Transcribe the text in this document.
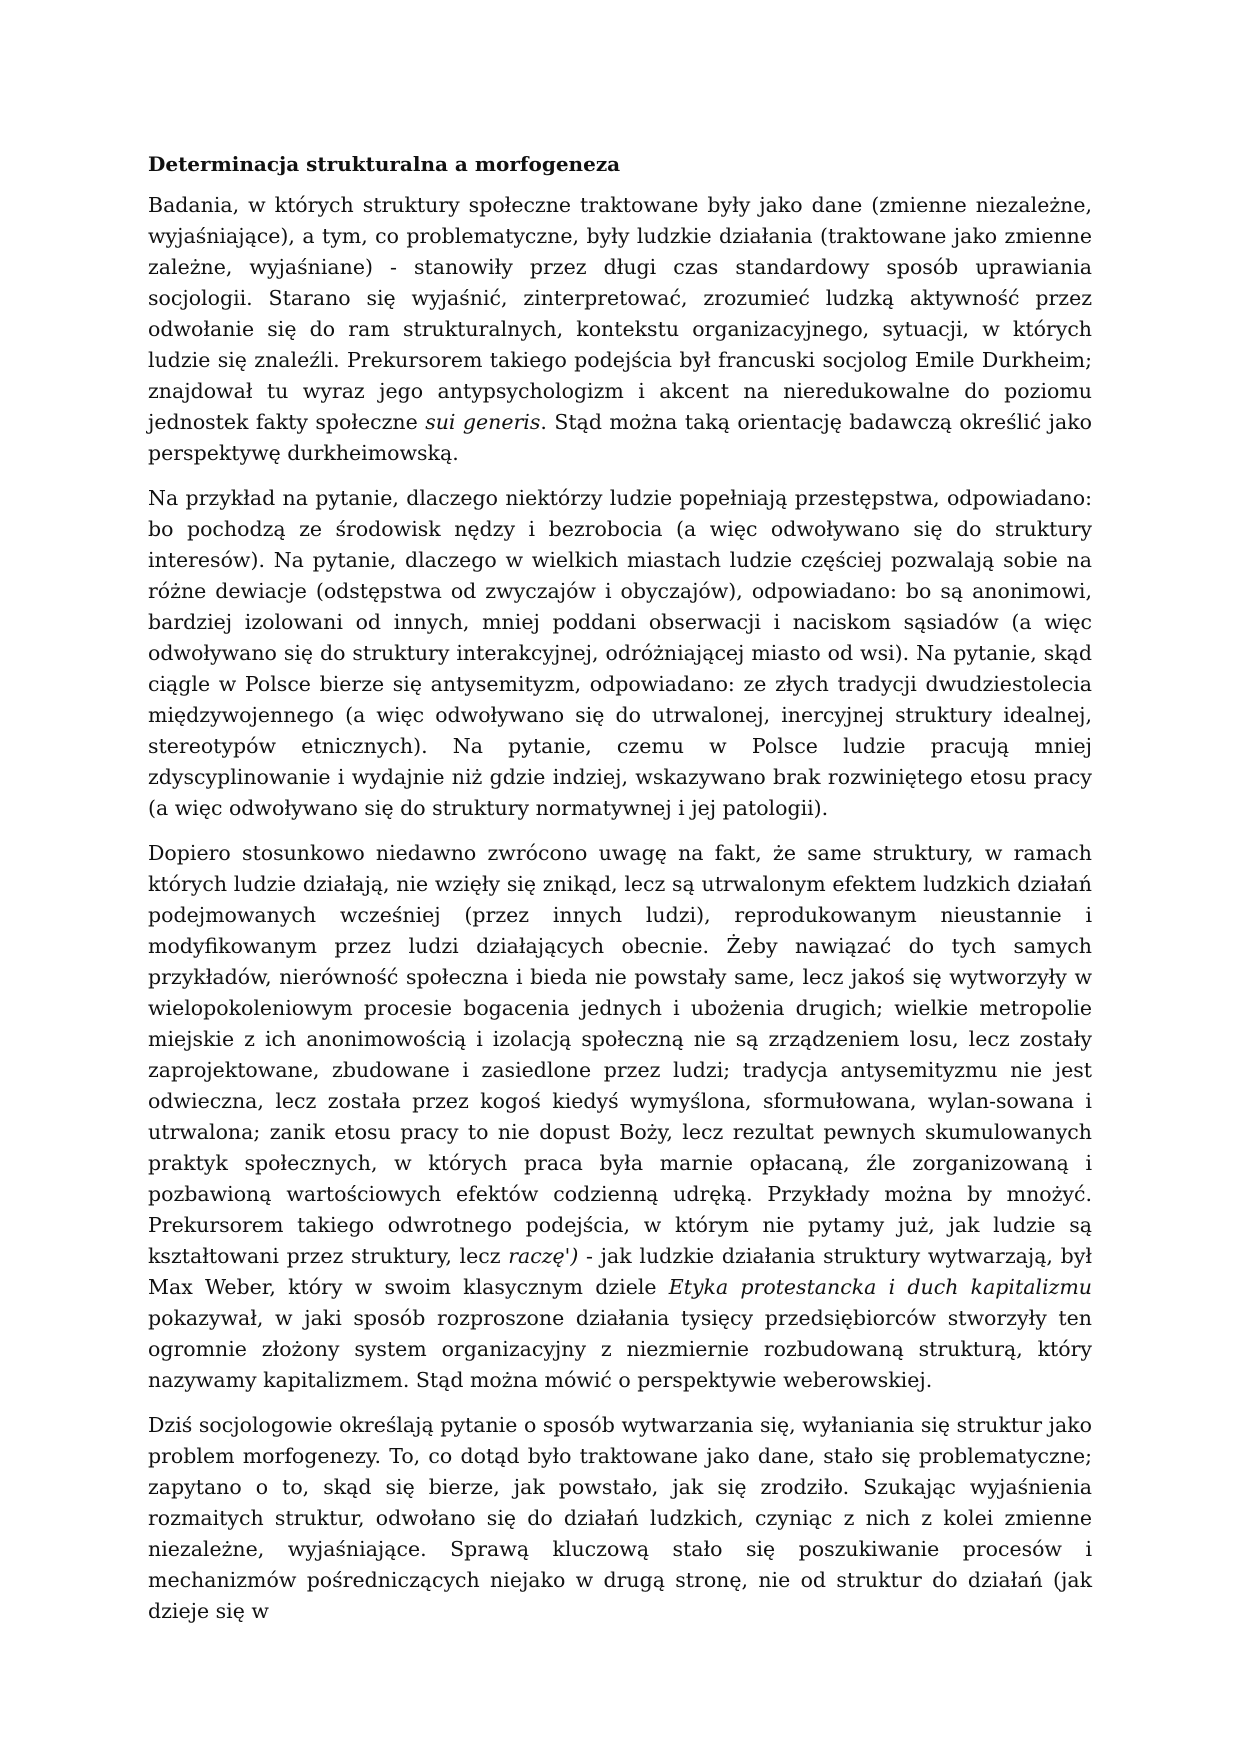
Determinacja strukturalna a morfogeneza

Badania, w których struktury społeczne traktowane były jako dane (zmienne niezależne, wyjaśniające), a tym, co problematyczne, były ludzkie działania (traktowane jako zmienne zależne, wyjaśniane) - stanowiły przez długi czas standardowy sposób uprawiania socjologii. Starano się wyjaśnić, zinterpretować, zrozumieć ludzką aktywność przez odwołanie się do ram strukturalnych, kontekstu organizacyjnego, sytuacji, w których ludzie się znaleźli. Prekursorem takiego podejścia był francuski socjolog Emile Durkheim; znajdował tu wyraz jego antypsychologizm i akcent na nieredukowalne do poziomu jednostek fakty społeczne sui generis. Stąd można taką orientację badawczą określić jako perspektywę durkheimowską.

Na przykład na pytanie, dlaczego niektórzy ludzie popełniają przestępstwa, odpowiadano: bo pochodzą ze środowisk nędzy i bezrobocia (a więc odwoływano się do struktury interesów). Na pytanie, dlaczego w wielkich miastach ludzie częściej pozwalają sobie na różne dewiacje (odstępstwa od zwyczajów i obyczajów), odpowiadano: bo są anonimowi, bardziej izolowani od innych, mniej poddani obserwacji i naciskom sąsiadów (a więc odwoływano się do struktury interakcyjnej, odróżniającej miasto od wsi). Na pytanie, skąd ciągle w Polsce bierze się antysemityzm, odpowiadano: ze złych tradycji dwudziestolecia międzywojennego (a więc odwoływano się do utrwalonej, inercyjnej struktury idealnej, stereotypów etnicznych). Na pytanie, czemu w Polsce ludzie pracują mniej zdyscyplinowanie i wydajnie niż gdzie indziej, wskazywano brak rozwiniętego etosu pracy (a więc odwoływano się do struktury normatywnej i jej patologii).

Dopiero stosunkowo niedawno zwrócono uwagę na fakt, że same struktury, w ramach których ludzie działają, nie wzięły się znikąd, lecz są utrwalonym efektem ludzkich działań podejmowanych wcześniej (przez innych ludzi), reprodukowanym nieustannie i modyfikowanym przez ludzi działających obecnie. Żeby nawiązać do tych samych przykładów, nierówność społeczna i bieda nie powstały same, lecz jakoś się wytworzyły w wielopokoleniowym procesie bogacenia jednych i ubożenia drugich; wielkie metropolie miejskie z ich anonimowością i izolacją społeczną nie są zrządzeniem losu, lecz zostały zaprojektowane, zbudowane i zasiedlone przez ludzi; tradycja antysemityzmu nie jest odwieczna, lecz została przez kogoś kiedyś wymyślona, sformułowana, wylan-sowana i utrwalona; zanik etosu pracy to nie dopust Boży, lecz rezultat pewnych skumulowanych praktyk społecznych, w których praca była marnie opłacaną, źle zorganizowaną i pozbawioną wartościowych efektów codzienną udręką. Przykłady można by mnożyć. Prekursorem takiego odwrotnego podejścia, w którym nie pytamy już, jak ludzie są kształtowani przez struktury, lecz raczę') - jak ludzkie działania struktury wytwarzają, był Max Weber, który w swoim klasycznym dziele Etyka protestancka i duch kapitalizmu pokazywał, w jaki sposób rozproszone działania tysięcy przedsiębiorców stworzyły ten ogromnie złożony system organizacyjny z niezmiernie rozbudowaną strukturą, który nazywamy kapitalizmem. Stąd można mówić o perspektywie weberowskiej.

Dziś socjologowie określają pytanie o sposób wytwarzania się, wyłaniania się struktur jako problem morfogenezy. To, co dotąd było traktowane jako dane, stało się problematyczne; zapytano o to, skąd się bierze, jak powstało, jak się zrodziło. Szukając wyjaśnienia rozmaitych struktur, odwołano się do działań ludzkich, czyniąc z nich z kolei zmienne niezależne, wyjaśniające. Sprawą kluczową stało się poszukiwanie procesów i mechanizmów pośredniczących niejako w drugą stronę, nie od struktur do działań (jak dzieje się w
